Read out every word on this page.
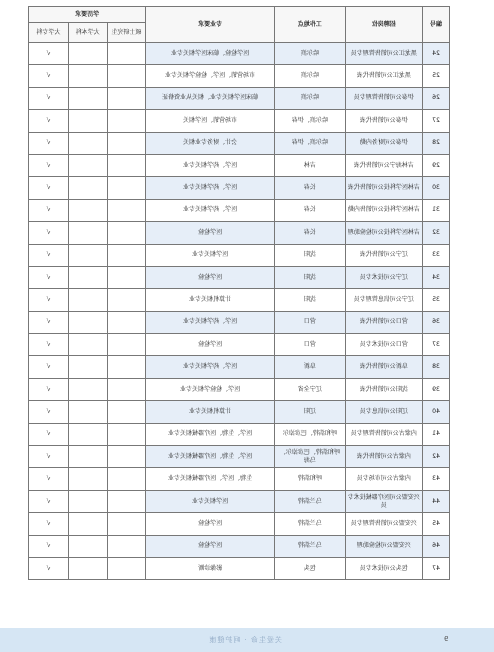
编号	招聘岗位	工作地点	专业要求	学历要求		
				硕士研究生	大学本科	大学专科
24	黑龙江公司销售管理专员	哈尔滨	医学检验、临床医学相关专业			√
25	黑龙江公司销售代表	哈尔滨	市场营销、医学、检验学相关专业			√
26	伊泰公司销售管理专员	哈尔滨	临床医学相关专业、相关从业资格证			√
27	伊泰公司销售代表	哈尔滨、伊春	市场营销、医学相关			√
28	伊泰公司财务内勤	哈尔滨、伊春	会计、财务专业相关			√
29	吉林海宁公司销售代表	吉林	医学、药学相关专业			√
30	吉林医学科技公司销售代表	长春	医学、药学相关专业			√
31	吉林医学科技公司销售内勤	长春	医学、药学相关专业			√
32	吉林医学科技公司检验助理	长春	医学检验			√
33	辽宁公司销售代表	沈阳	医学相关专业			√
34	辽宁公司技术专员	沈阳	医学检验			√
35	辽宁公司信息管理专员	沈阳	计算机相关专业			√
36	营口公司销售代表	营口	医学、药学相关专业			√
37	营口公司技术专员	营口	医学检验			√
38	阜新公司销售代表	阜新	医学、药学相关专业			√
39	沈阳公司销售代表	辽宁全省	医学、检验学相关专业			√
40	辽阳公司信息专员	辽阳	计算机相关专业			√
41	内蒙古公司销售管理专员	呼和浩特、巴彦淖尔	医学、生物、医疗器械相关专业			√
42	内蒙古公司销售代表	呼和浩特、巴彦淖尔、乌海	医学、生物、医疗器械相关专业			√
43	内蒙古公司市场专员	呼和浩特	生物、医学、医疗器械相关专业			√
44	兴安盟公司医疗器械技术专员	乌兰浩特	医学相关专业			√
45	兴安盟公司销售管理专员	乌兰浩特	医学检验			√
46	兴安盟公司检验助理	乌兰浩特	医学检验			√
47	包头公司技术专员	包头	影像诊断			√
9
关爱生命 · 呵护健康
